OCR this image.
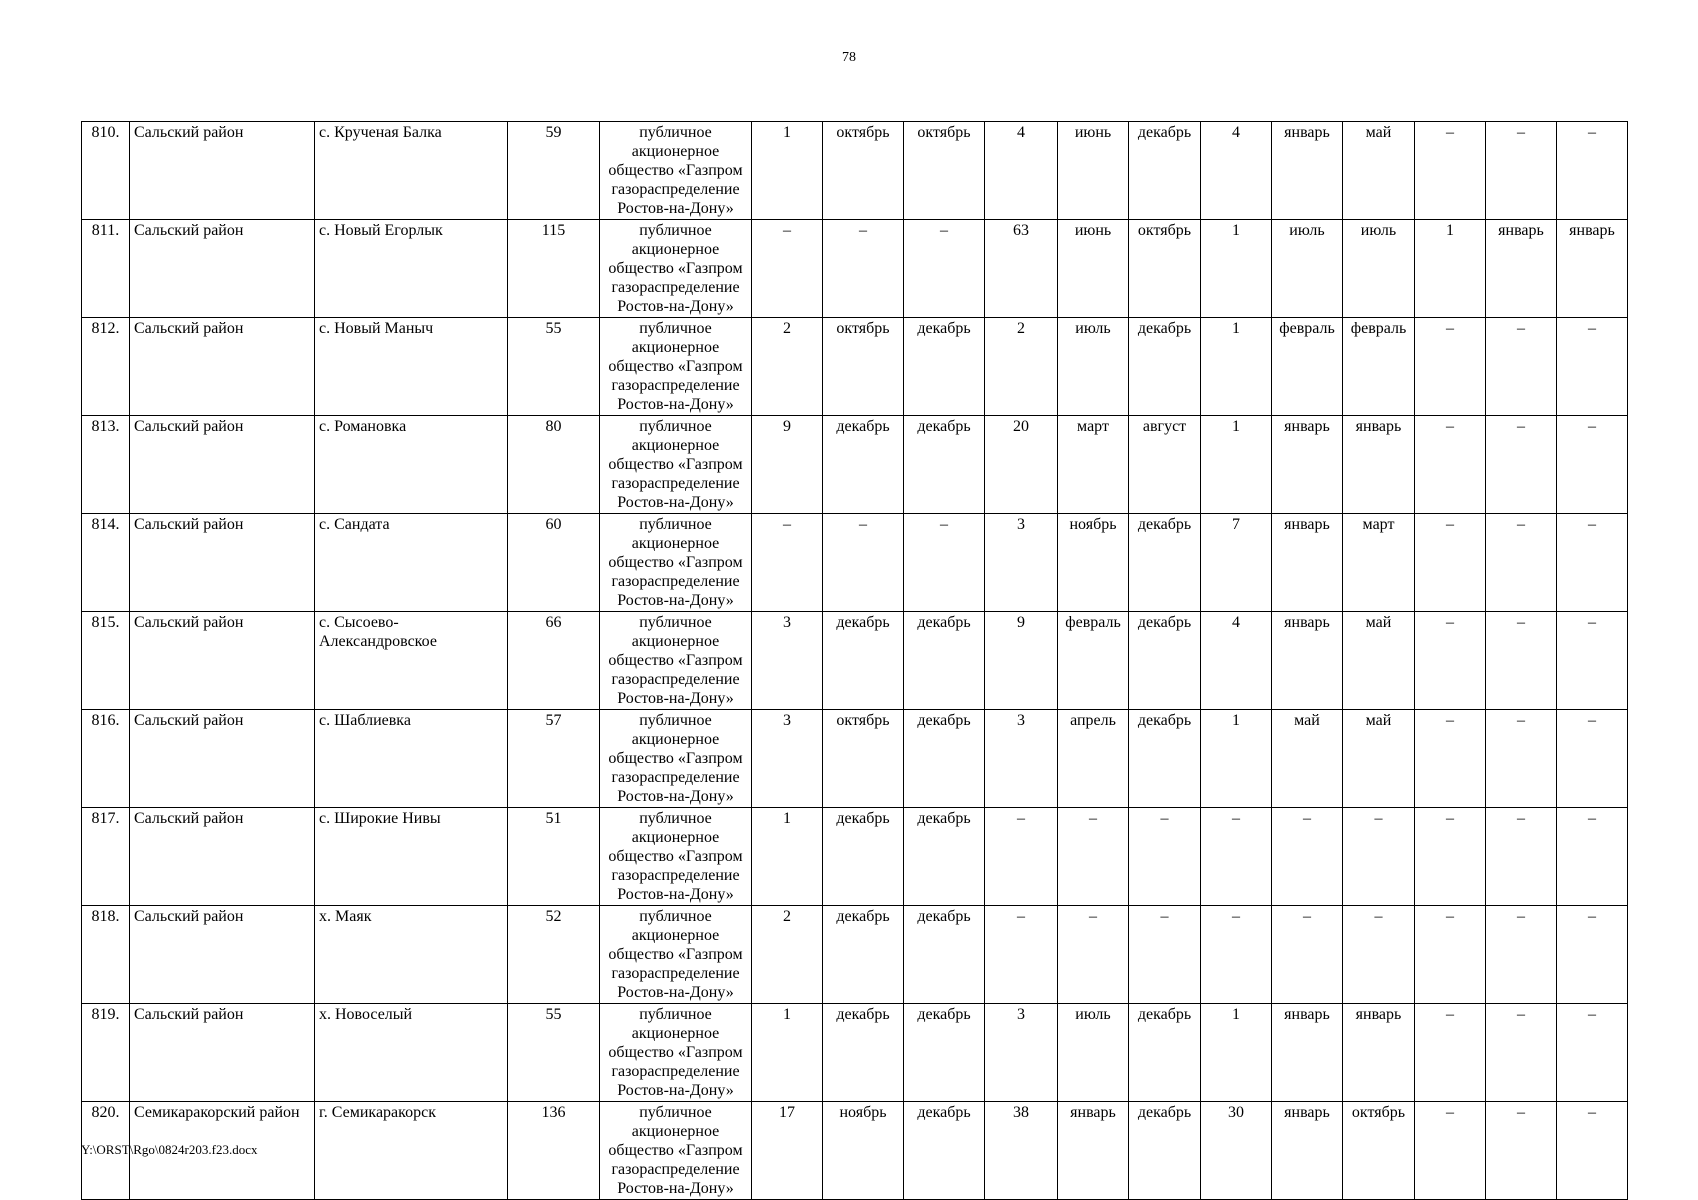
78
810.	Сальский район	с. Крученая Балка	59	публичное акционерное общество «Газпром газораспределение Ростов-на-Дону»	1	октябрь	октябрь	4	июнь	декабрь	4	январь	май	–	–	–
811.	Сальский район	с. Новый Егорлык	115	публичное акционерное общество «Газпром газораспределение Ростов-на-Дону»	–	–	–	63	июнь	октябрь	1	июль	июль	1	январь	январь
812.	Сальский район	с. Новый Маныч	55	публичное акционерное общество «Газпром газораспределение Ростов-на-Дону»	2	октябрь	декабрь	2	июль	декабрь	1	февраль	февраль	–	–	–
813.	Сальский район	с. Романовка	80	публичное акционерное общество «Газпром газораспределение Ростов-на-Дону»	9	декабрь	декабрь	20	март	август	1	январь	январь	–	–	–
814.	Сальский район	с. Сандата	60	публичное акционерное общество «Газпром газораспределение Ростов-на-Дону»	–	–	–	3	ноябрь	декабрь	7	январь	март	–	–	–
815.	Сальский район	с. Сысоево-Александровское	66	публичное акционерное общество «Газпром газораспределение Ростов-на-Дону»	3	декабрь	декабрь	9	февраль	декабрь	4	январь	май	–	–	–
816.	Сальский район	с. Шаблиевка	57	публичное акционерное общество «Газпром газораспределение Ростов-на-Дону»	3	октябрь	декабрь	3	апрель	декабрь	1	май	май	–	–	–
817.	Сальский район	с. Широкие Нивы	51	публичное акционерное общество «Газпром газораспределение Ростов-на-Дону»	1	декабрь	декабрь	–	–	–	–	–	–	–	–	–
818.	Сальский район	х. Маяк	52	публичное акционерное общество «Газпром газораспределение Ростов-на-Дону»	2	декабрь	декабрь	–	–	–	–	–	–	–	–	–
819.	Сальский район	х. Новоселый	55	публичное акционерное общество «Газпром газораспределение Ростов-на-Дону»	1	декабрь	декабрь	3	июль	декабрь	1	январь	январь	–	–	–
820.	Семикаракорский район	г. Семикаракорск	136	публичное акционерное общество «Газпром газораспределение Ростов-на-Дону»	17	ноябрь	декабрь	38	январь	декабрь	30	январь	октябрь	–	–	–
Y:\ORST\Rgo\0824r203.f23.docx
